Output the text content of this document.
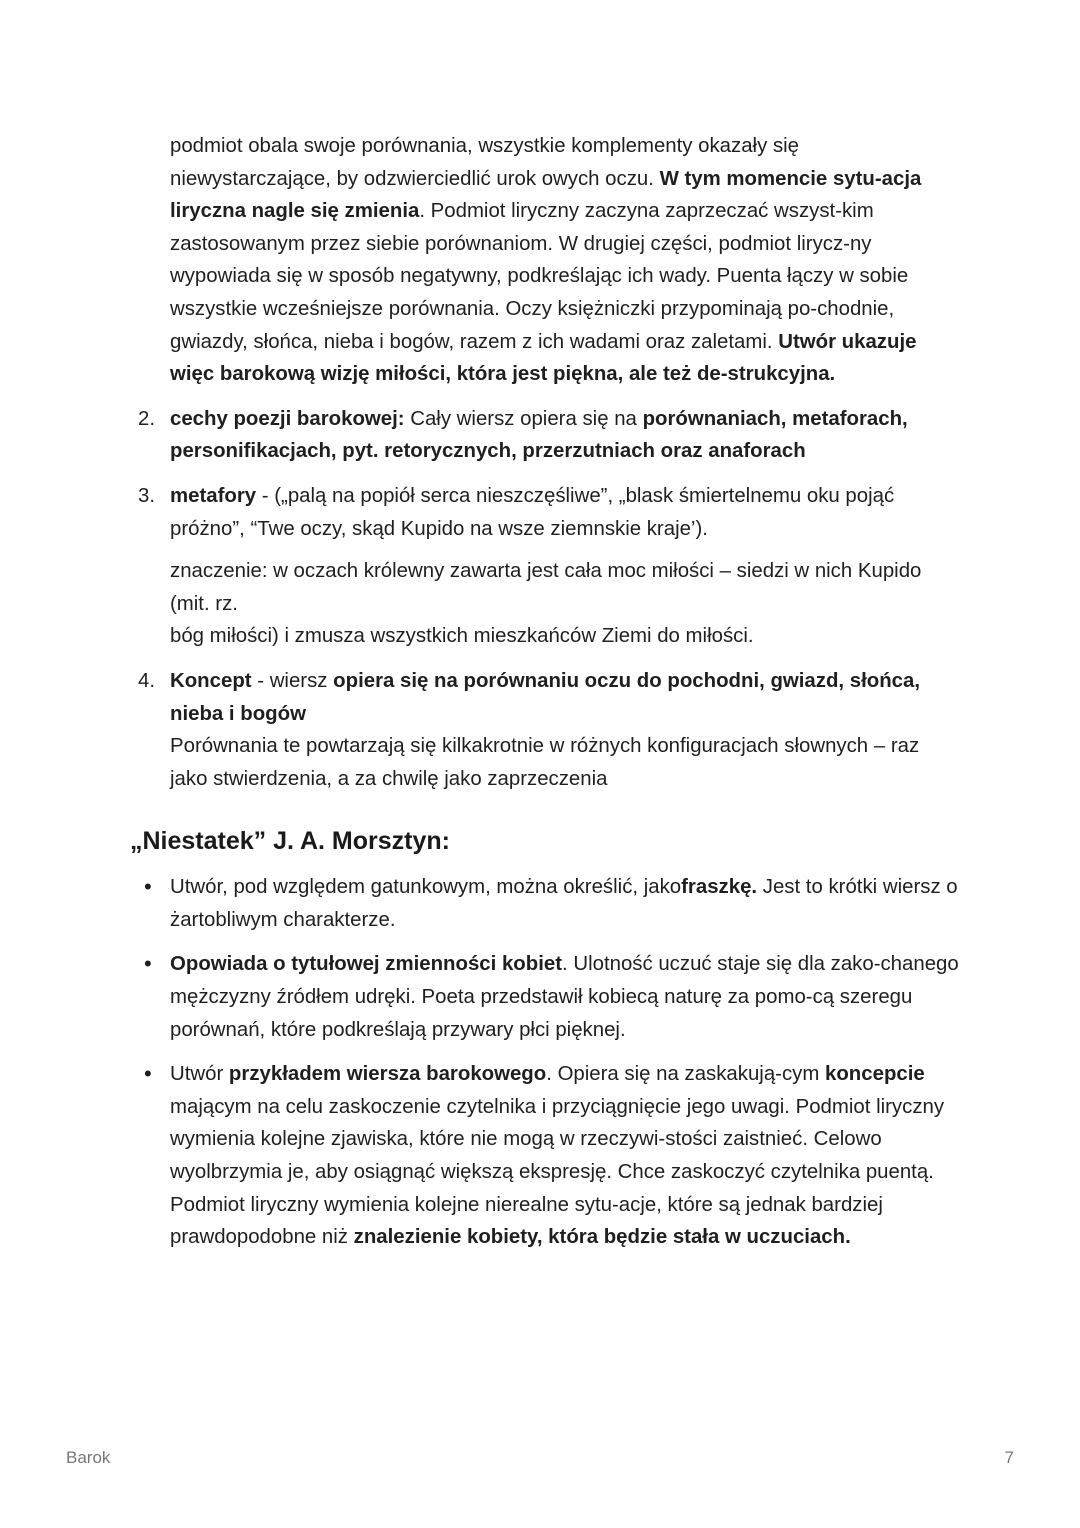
podmiot obala swoje porównania, wszystkie komplementy okazały się niewystarczające, by odzwierciedlić urok owych oczu. W tym momencie sytu-acja liryczna nagle się zmienia. Podmiot liryczny zaczyna zaprzeczać wszyst-kim zastosowanym przez siebie porównaniom. W drugiej części, podmiot lirycz-ny wypowiada się w sposób negatywny, podkreślając ich wady. Puenta łączy w sobie wszystkie wcześniejsze porównania. Oczy księżniczki przypominają po-chodnie, gwiazdy, słońca, nieba i bogów, razem z ich wadami oraz zaletami. Utwór ukazuje więc barokową wizję miłości, która jest piękna, ale też de-strukcyjna.
2. cechy poezji barokowej: Cały wiersz opiera się na porównaniach, metaforach, personifikacjach, pyt. retorycznych, przerzutniach oraz anaforach
3. metafory - („palą na popiół serca nieszczęśliwe”, „blask śmiertelnemu oku pojąć próżno”, “Twe oczy, skąd Kupido na wsze ziemnskie kraje’).
znaczenie: w oczach królewny zawarta jest cała moc miłości – siedzi w nich Kupido (mit. rz.
bóg miłości) i zmusza wszystkich mieszkańców Ziemi do miłości.
4. Koncept - wiersz opiera się na porównaniu oczu do pochodni, gwiazd, słońca, nieba i bogów
Porównania te powtarzają się kilkakrotnie w różnych konfiguracjach słownych – raz jako stwierdzenia, a za chwilę jako zaprzeczenia
„Niestatek” J. A. Morsztyn:
• Utwór, pod względem gatunkowym, można określić, jakofraszkę. Jest to krótki wiersz o żartobliwym charakterze.
• Opowiada o tytułowej zmienności kobiet. Ulotność uczuć staje się dla zako-chanego mężczyzny źródłem udręki. Poeta przedstawił kobiecą naturę za pomo-cą szeregu porównań, które podkreślają przywary płci pięknej.
• Utwór przykładem wiersza barokowego. Opiera się na zaskakują-cym koncepcie mającym na celu zaskoczenie czytelnika i przyciągnięcie jego uwagi. Podmiot liryczny wymienia kolejne zjawiska, które nie mogą w rzeczywi-stości zaistnieć. Celowo wyolbrzymia je, aby osiągnąć większą ekspresję. Chce zaskoczyć czytelnika puentą. Podmiot liryczny wymienia kolejne nierealne sytu-acje, które są jednak bardziej prawdopodobne niż znalezienie kobiety, która będzie stała w uczuciach.
Barok	7
